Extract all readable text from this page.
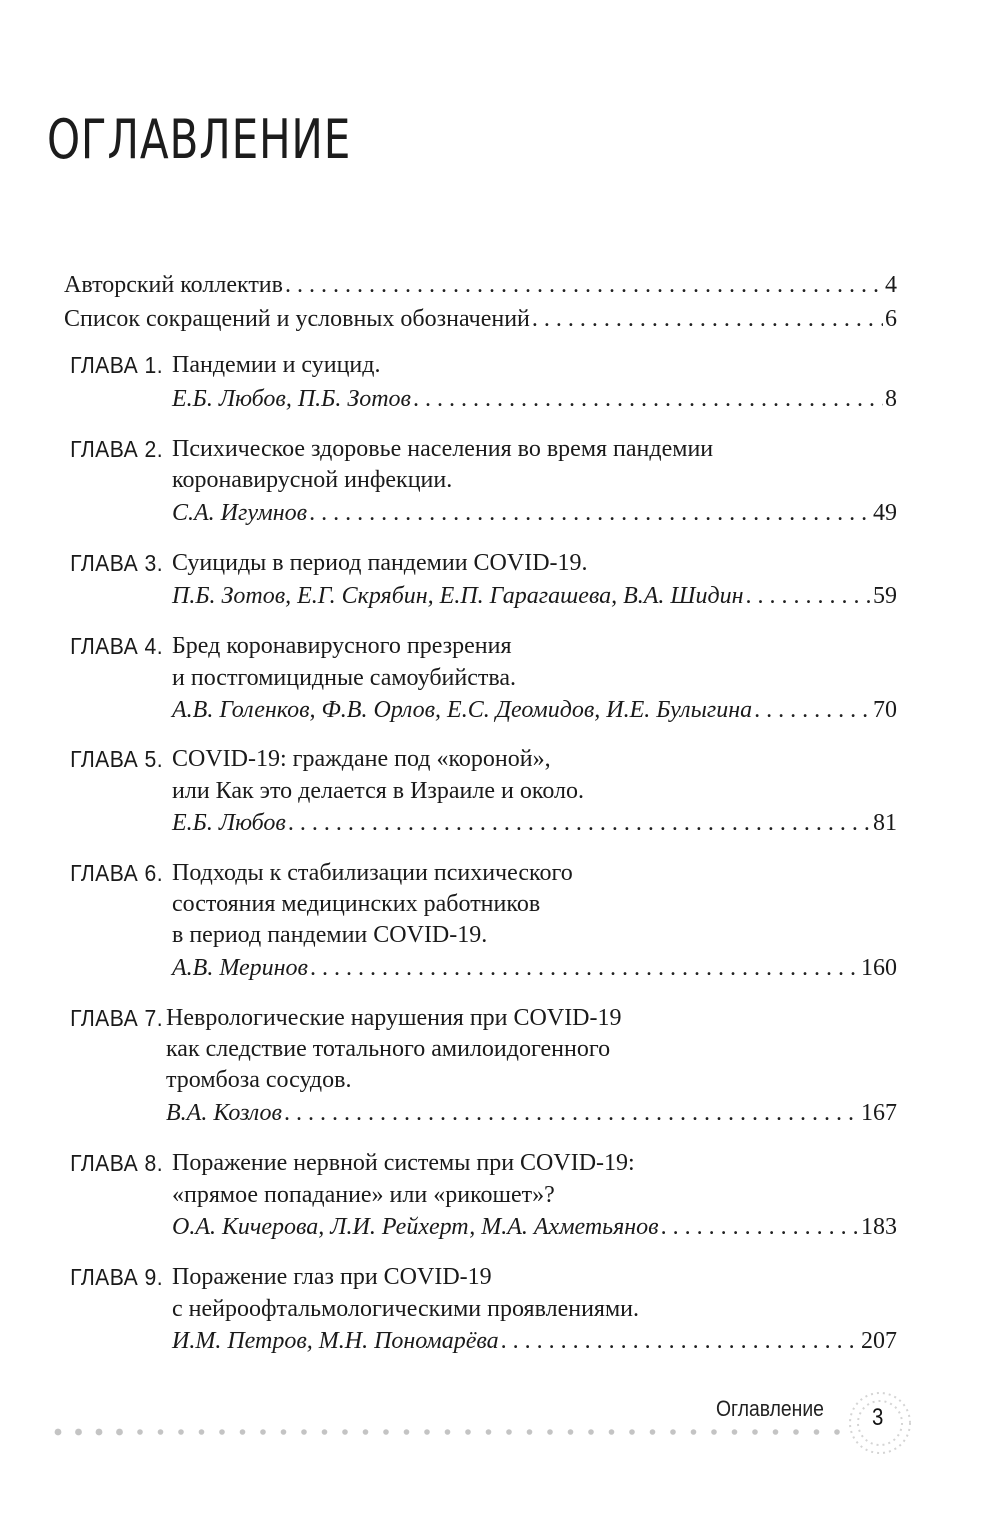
ОГЛАВЛЕНИЕ
Авторский коллектив . . .	4
Список сокращений и условных обозначений . . .	6
ГЛАВА 1. Пандемии и суицид.
Е.Б. Любов, П.Б. Зотов . . .	8
ГЛАВА 2. Психическое здоровье населения во время пандемии
коронавирусной инфекции.
С.А. Игумнов . . .	49
ГЛАВА 3. Суициды в период пандемии COVID-19.
П.Б. Зотов, Е.Г. Скрябин, Е.П. Гарагашева, В.А. Шидин . . .	59
ГЛАВА 4. Бред коронавирусного презрения
и постгомицидные самоубийства.
А.В. Голенков, Ф.В. Орлов, Е.С. Деомидов, И.Е. Булыгина . . .	70
ГЛАВА 5. COVID-19: граждане под «короной»,
или Как это делается в Израиле и около.
Е.Б. Любов . . .	81
ГЛАВА 6. Подходы к стабилизации психического
состояния медицинских работников
в период пандемии COVID-19.
А.В. Меринов . . .	160
ГЛАВА 7. Неврологические нарушения при COVID-19
как следствие тотального амилоидогенного
тромбоза сосудов.
В.А. Козлов . . .	167
ГЛАВА 8. Поражение нервной системы при COVID-19:
«прямое попадание» или «рикошет»?
О.А. Кичерова, Л.И. Рейхерт, М.А. Ахметьянов . . .	183
ГЛАВА 9. Поражение глаз при COVID-19
с нейроофтальмологическими проявлениями.
И.М. Петров, М.Н. Пономарёва . . .	207
Оглавление 3
